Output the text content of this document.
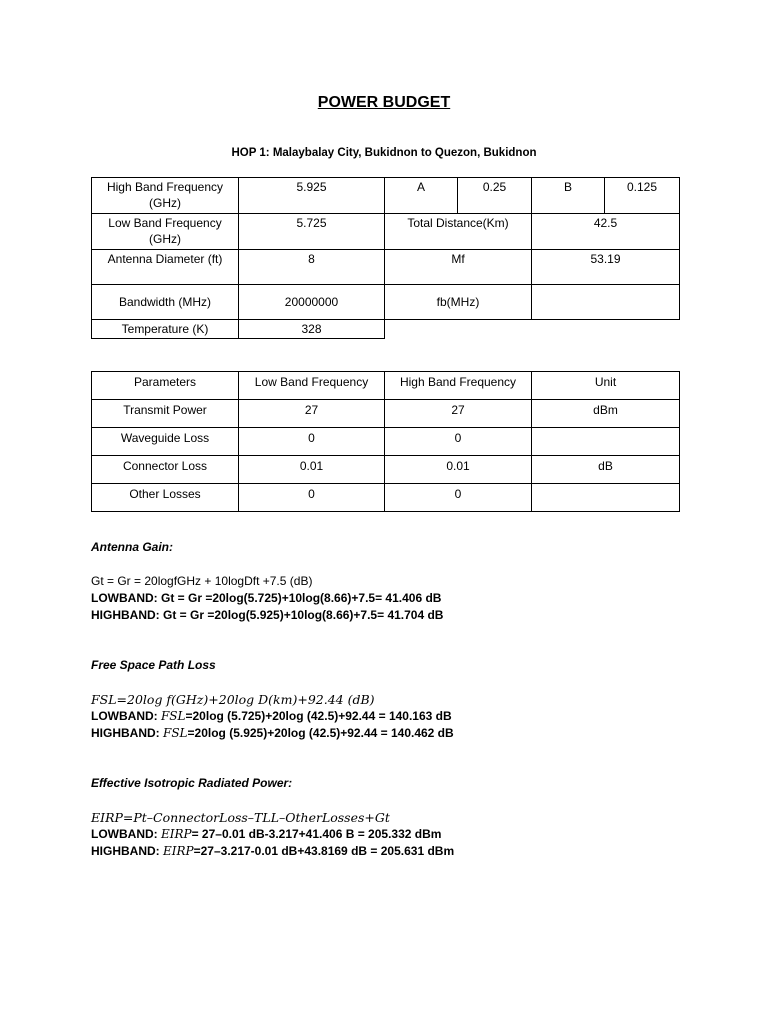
POWER BUDGET
HOP 1: Malaybalay City, Bukidnon to Quezon, Bukidnon
High Band Frequency (GHz)	5.925	A	0.25	B	0.125
Low Band Frequency (GHz)	5.725	Total Distance(Km)		42.5	
Antenna Diameter (ft)	8	Mf		53.19	
Bandwidth (MHz)	20000000	fb(MHz)			
Temperature (K)	328				
Parameters	Low Band Frequency	High Band Frequency	Unit
Transmit Power	27	27	dBm
Waveguide Loss	0	0	
Connector Loss	0.01	0.01	dB
Other Losses	0	0	
Antenna Gain:
Gt = Gr = 20logfGHz + 10logDft +7.5 (dB)
LOWBAND: Gt = Gr =20log(5.725)+10log(8.66)+7.5= 41.406 dB
HIGHBAND: Gt = Gr =20log(5.925)+10log(8.66)+7.5= 41.704 dB
Free Space Path Loss
FSL=20log f(GHz)+20log D(km)+92.44 (dB)
LOWBAND: FSL=20log (5.725)+20log (42.5)+92.44 = 140.163 dB
HIGHBAND: FSL=20log (5.925)+20log (42.5)+92.44 = 140.462 dB
Effective Isotropic Radiated Power:
EIRP=Pt–ConnectorLoss–TLL–OtherLosses+Gt
LOWBAND: EIRP= 27–0.01 dB-3.217+41.406 B = 205.332 dBm
HIGHBAND: EIRP=27–3.217-0.01 dB+43.8169 dB = 205.631 dBm
